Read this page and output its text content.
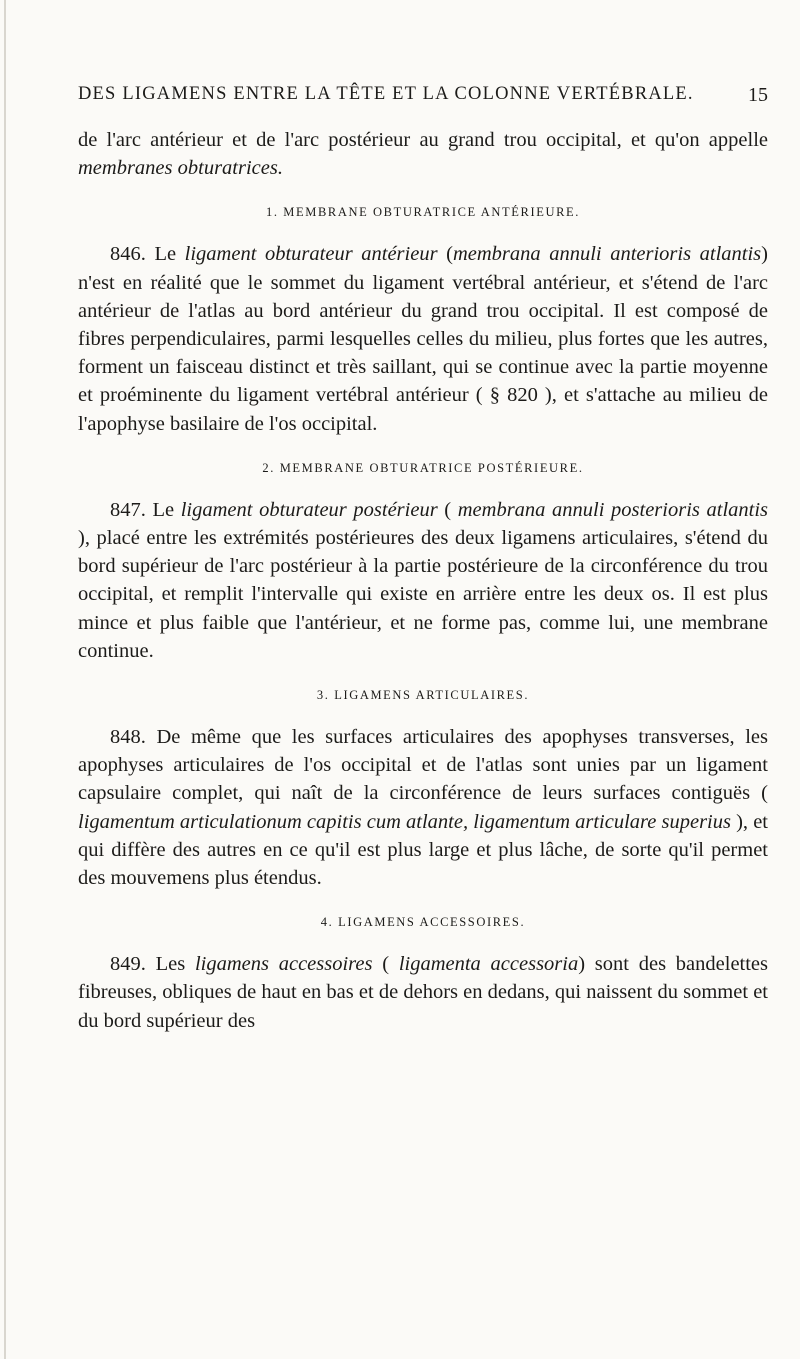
DES LIGAMENS ENTRE LA TÊTE ET LA COLONNE VERTÉBRALE.	15

de l'arc antérieur et de l'arc postérieur au grand trou occipital, et qu'on appelle membranes obturatrices.

1. MEMBRANE OBTURATRICE ANTÉRIEURE.

846. Le ligament obturateur antérieur (membrana annuli anterioris atlantis) n'est en réalité que le sommet du ligament vertébral antérieur, et s'étend de l'arc antérieur de l'atlas au bord antérieur du grand trou occipital. Il est composé de fibres perpendiculaires, parmi lesquelles celles du milieu, plus fortes que les autres, forment un faisceau distinct et très saillant, qui se continue avec la partie moyenne et proéminente du ligament vertébral antérieur ( § 820 ), et s'attache au milieu de l'apophyse basilaire de l'os occipital.

2. MEMBRANE OBTURATRICE POSTÉRIEURE.

847. Le ligament obturateur postérieur ( membrana annuli posterioris atlantis ), placé entre les extrémités postérieures des deux ligamens articulaires, s'étend du bord supérieur de l'arc postérieur à la partie postérieure de la circonférence du trou occipital, et remplit l'intervalle qui existe en arrière entre les deux os. Il est plus mince et plus faible que l'antérieur, et ne forme pas, comme lui, une membrane continue.

3. LIGAMENS ARTICULAIRES.

848. De même que les surfaces articulaires des apophyses transverses, les apophyses articulaires de l'os occipital et de l'atlas sont unies par un ligament capsulaire complet, qui naît de la circonférence de leurs surfaces contiguës ( ligamentum articulationum capitis cum atlante, ligamentum articulare superius ), et qui diffère des autres en ce qu'il est plus large et plus lâche, de sorte qu'il permet des mouvemens plus étendus.

4. LIGAMENS ACCESSOIRES.

849. Les ligamens accessoires ( ligamenta accessoria) sont des bandelettes fibreuses, obliques de haut en bas et de dehors en dedans, qui naissent du sommet et du bord supérieur des
